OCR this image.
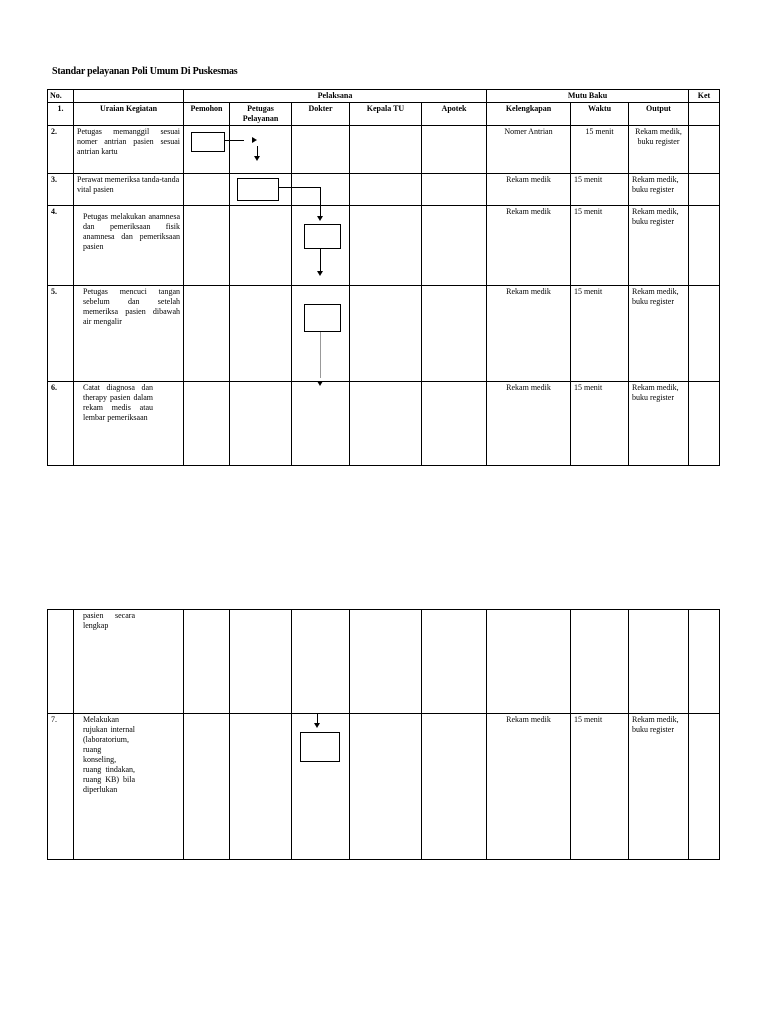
Standar pelayanan Poli Umum Di Puskesmas
No.		Pelaksana					Mutu Baku			Ket
1.	Uraian Kegiatan	Pemohon	Petugas Pelayanan	Dokter	Kepala TU	Apotek	Kelengkapan	Waktu	Output	
2.	Petugas memanggil sesuai nomer antrian pasien sesuai antrian kartu						Nomer Antrian	15 menit	Rekam medik, buku register	
3.	Perawat memeriksa tanda-tanda vital pasien						Rekam medik	15 menit	Rekam medik, buku register	
4.	Petugas melakukan anamnesa dan pemeriksaan fisik anamnesa dan pemeriksaan pasien						Rekam medik	15 menit	Rekam medik, buku register	
5.	Petugas mencuci tangan sebelum dan setelah memeriksa pasien dibawah air mengalir						Rekam medik	15 menit	Rekam medik, buku register	
6.	Catat diagnosa dan therapy pasien dalam rekam medis atau lembar pemeriksaan						Rekam medik	15 menit	Rekam medik, buku register	
	pasien secara lengkap									
7.	Melakukan rujukan internal (laboratorium, ruang konseling, ruang tindakan, ruang KB) bila diperlukan						Rekam medik	15 menit	Rekam medik, buku register	
